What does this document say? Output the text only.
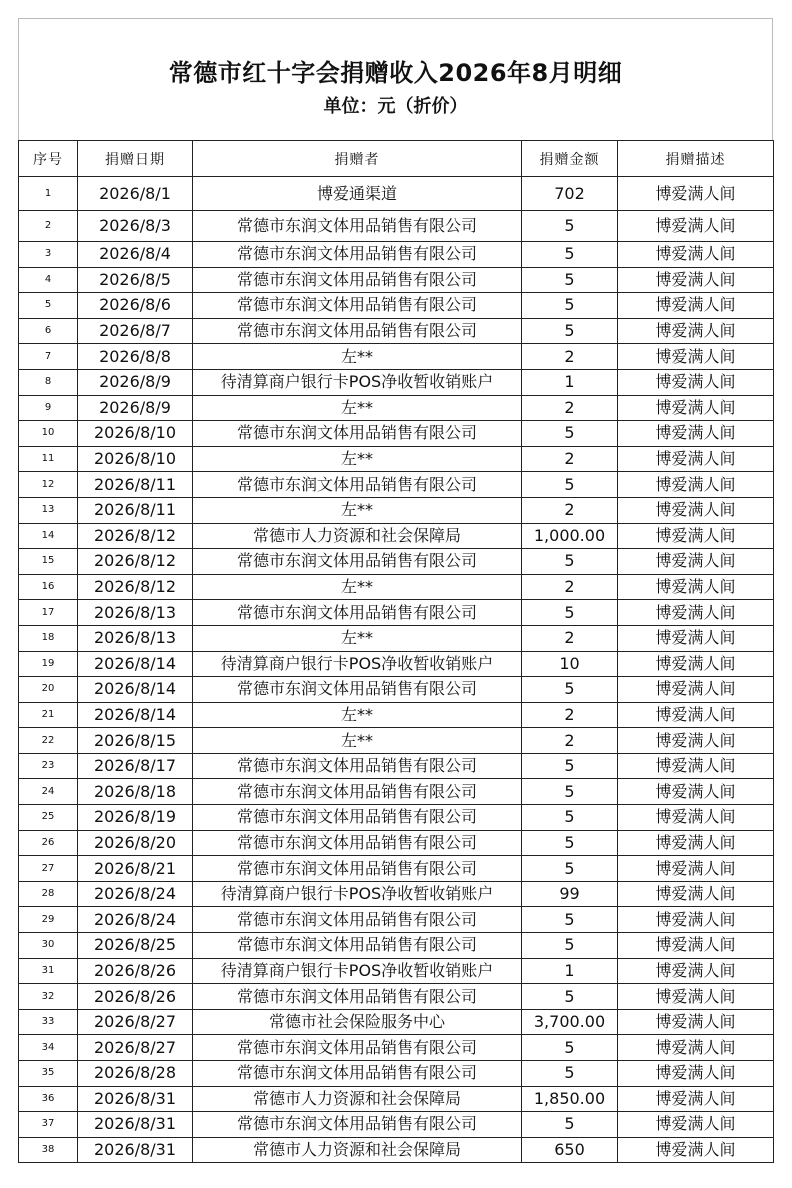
常德市红十字会捐赠收入2026年8月明细
单位：元（折价）
序号	捐赠日期	捐赠者	捐赠金额	捐赠描述
1	2026/8/1	博爱通渠道	702	博爱满人间
2	2026/8/3	常德市东润文体用品销售有限公司	5	博爱满人间
3	2026/8/4	常德市东润文体用品销售有限公司	5	博爱满人间
4	2026/8/5	常德市东润文体用品销售有限公司	5	博爱满人间
5	2026/8/6	常德市东润文体用品销售有限公司	5	博爱满人间
6	2026/8/7	常德市东润文体用品销售有限公司	5	博爱满人间
7	2026/8/8	左**	2	博爱满人间
8	2026/8/9	待清算商户银行卡POS净收暂收销账户	1	博爱满人间
9	2026/8/9	左**	2	博爱满人间
10	2026/8/10	常德市东润文体用品销售有限公司	5	博爱满人间
11	2026/8/10	左**	2	博爱满人间
12	2026/8/11	常德市东润文体用品销售有限公司	5	博爱满人间
13	2026/8/11	左**	2	博爱满人间
14	2026/8/12	常德市人力资源和社会保障局	1,000.00	博爱满人间
15	2026/8/12	常德市东润文体用品销售有限公司	5	博爱满人间
16	2026/8/12	左**	2	博爱满人间
17	2026/8/13	常德市东润文体用品销售有限公司	5	博爱满人间
18	2026/8/13	左**	2	博爱满人间
19	2026/8/14	待清算商户银行卡POS净收暂收销账户	10	博爱满人间
20	2026/8/14	常德市东润文体用品销售有限公司	5	博爱满人间
21	2026/8/14	左**	2	博爱满人间
22	2026/8/15	左**	2	博爱满人间
23	2026/8/17	常德市东润文体用品销售有限公司	5	博爱满人间
24	2026/8/18	常德市东润文体用品销售有限公司	5	博爱满人间
25	2026/8/19	常德市东润文体用品销售有限公司	5	博爱满人间
26	2026/8/20	常德市东润文体用品销售有限公司	5	博爱满人间
27	2026/8/21	常德市东润文体用品销售有限公司	5	博爱满人间
28	2026/8/24	待清算商户银行卡POS净收暂收销账户	99	博爱满人间
29	2026/8/24	常德市东润文体用品销售有限公司	5	博爱满人间
30	2026/8/25	常德市东润文体用品销售有限公司	5	博爱满人间
31	2026/8/26	待清算商户银行卡POS净收暂收销账户	1	博爱满人间
32	2026/8/26	常德市东润文体用品销售有限公司	5	博爱满人间
33	2026/8/27	常德市社会保险服务中心	3,700.00	博爱满人间
34	2026/8/27	常德市东润文体用品销售有限公司	5	博爱满人间
35	2026/8/28	常德市东润文体用品销售有限公司	5	博爱满人间
36	2026/8/31	常德市人力资源和社会保障局	1,850.00	博爱满人间
37	2026/8/31	常德市东润文体用品销售有限公司	5	博爱满人间
38	2026/8/31	常德市人力资源和社会保障局	650	博爱满人间
